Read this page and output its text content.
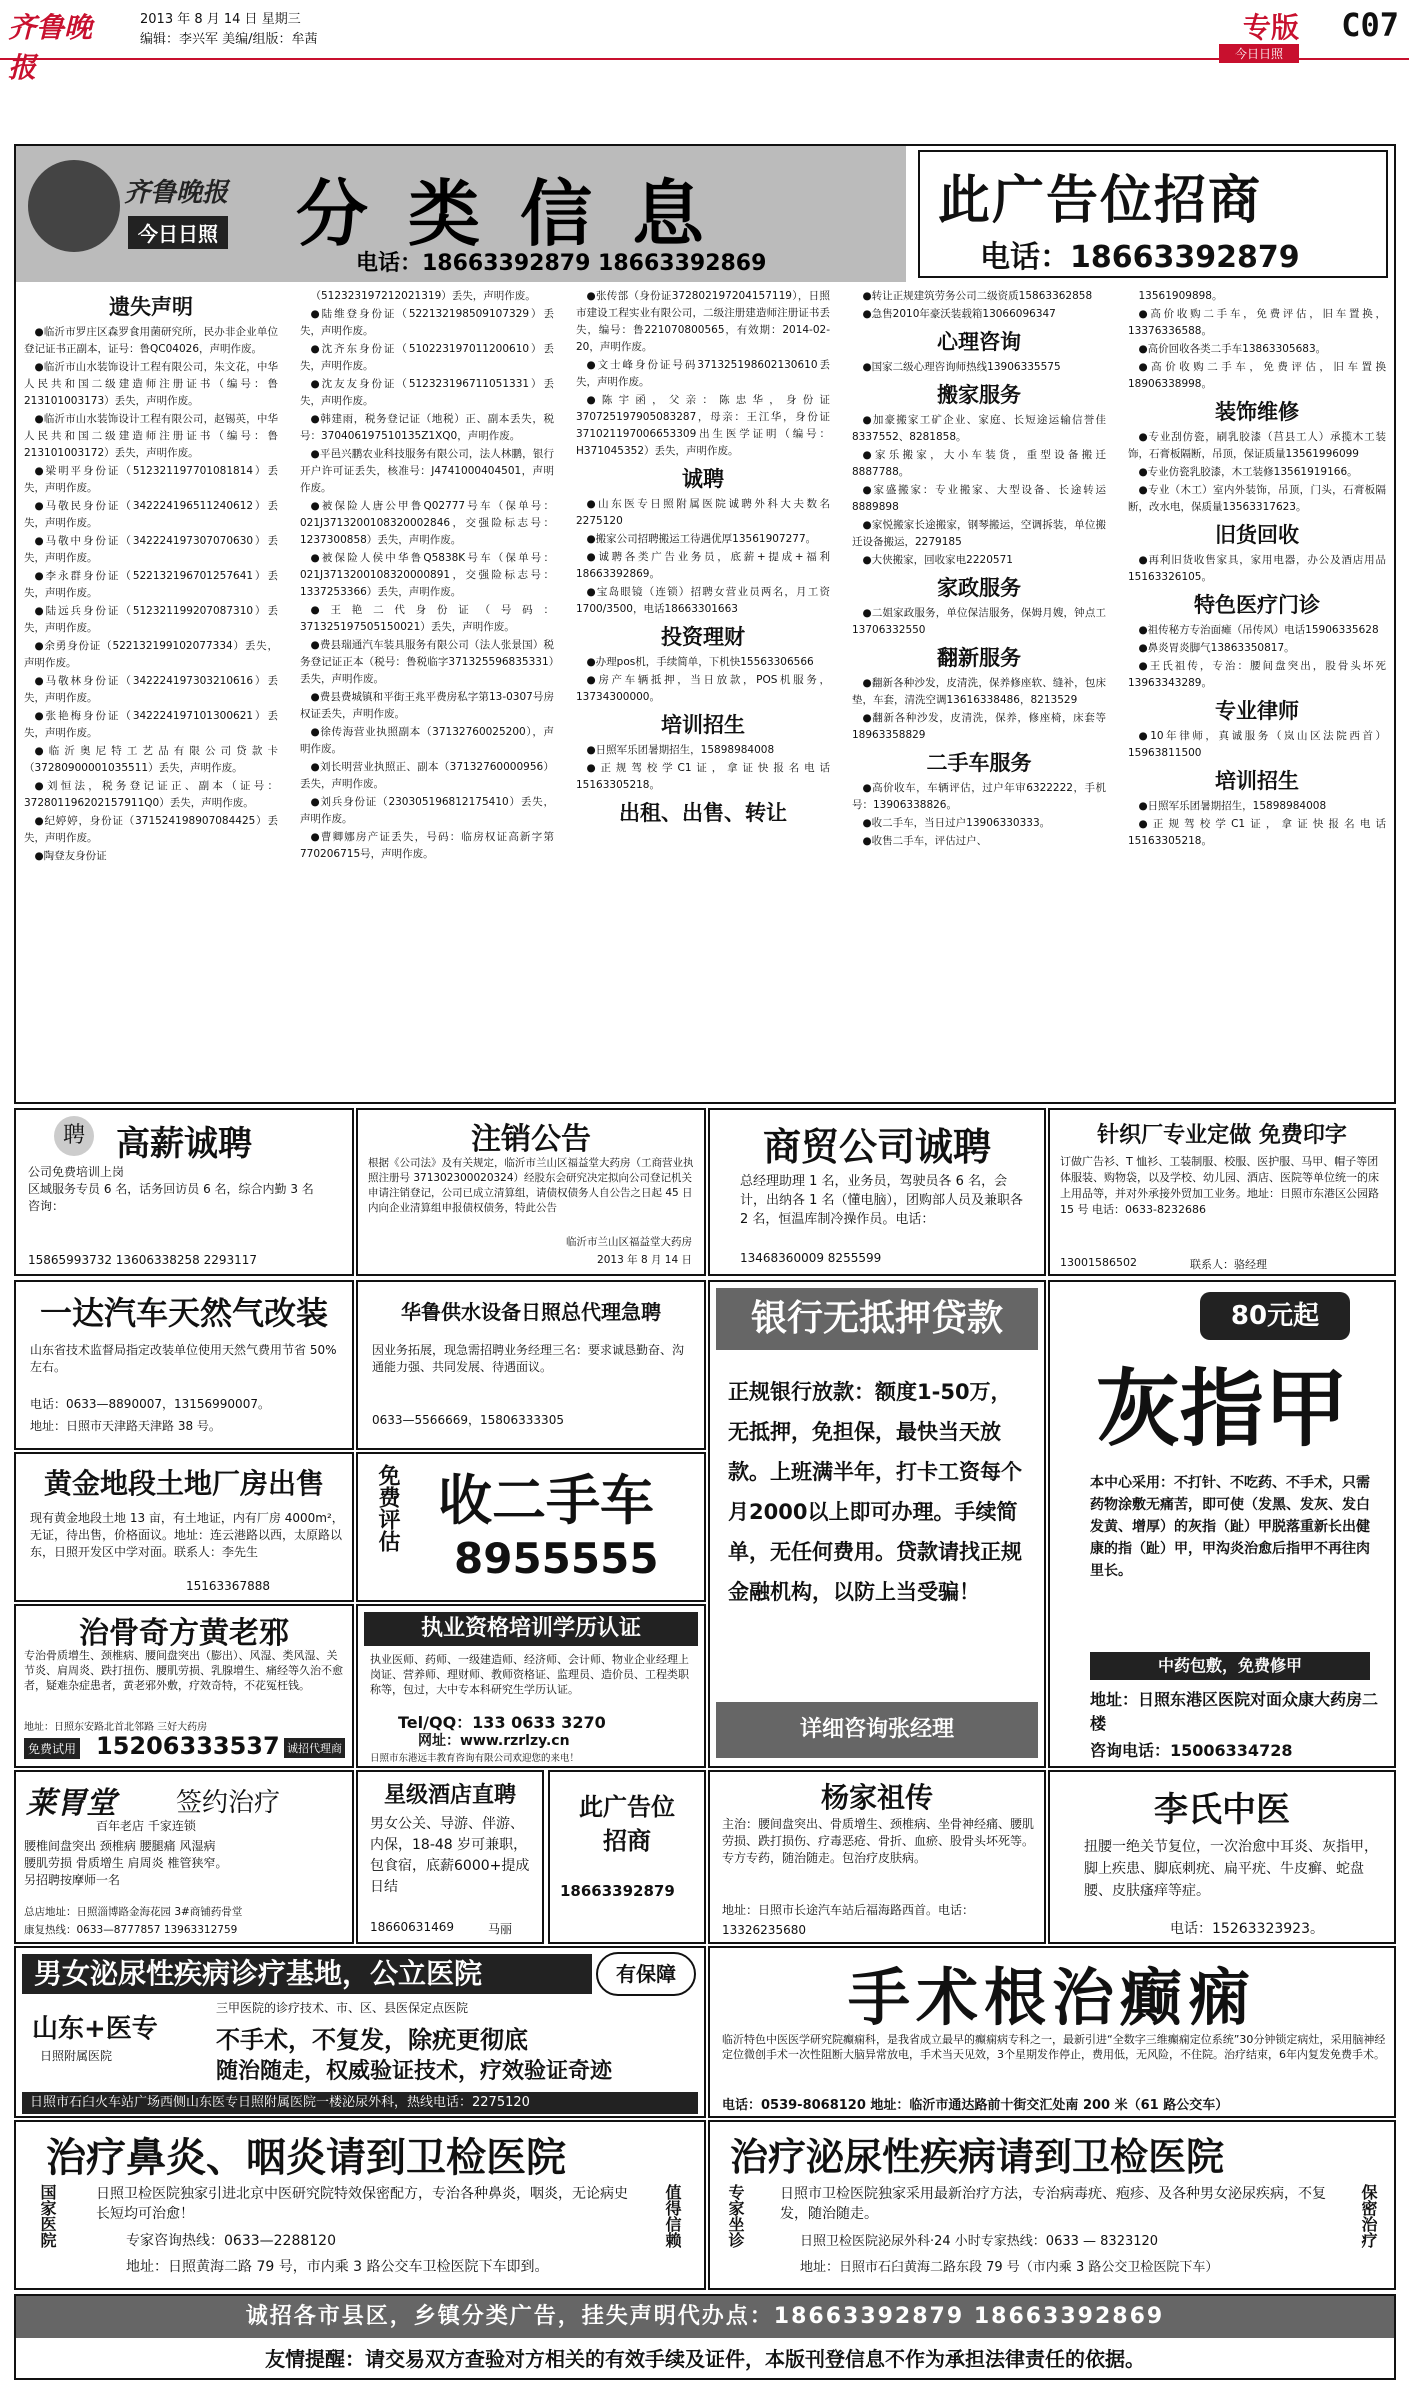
齐鲁晚报
2013 年 8 月 14 日 星期三
编辑：李兴军 美编/组版：牟茜	专版 C07
今日日照
齐鲁晚报
今日日照 分类信息
电话：18663392879 18663392869
此广告位招商
电话：18663392879
遗失声明

●临沂市罗庄区森罗食用菌研究所，民办非企业单位登记证书正副本，证号：鲁QC04026，声明作废。

●临沂市山水装饰设计工程有限公司，朱文花，中华人民共和国二级建造师注册证书（编号：鲁213101003173）丢失，声明作废。

●临沂市山水装饰设计工程有限公司，赵锡英，中华人民共和国二级建造师注册证书（编号：鲁213101003172）丢失，声明作废。

●梁明平身份证（512321197701081814）丢失，声明作废。

●马敬民身份证（342224196511240612）丢失，声明作废。

●马敬中身份证（342224197307070630）丢失，声明作废。

●李永群身份证（522132196701257641）丢失，声明作废。

●陆远兵身份证（512321199207087310）丢失，声明作废。

●余勇身份证（522132199102077334）丢失，声明作废。

●马敬林身份证（342224197303210616）丢失，声明作废。

●张艳梅身份证（342224197101300621）丢失，声明作废。

●临沂奥尼特工艺品有限公司贷款卡（37280900001035511）丢失，声明作废。

●刘恒法，税务登记证正、副本（证号：372801196202157911Q0）丢失，声明作废。

●纪婷婷，身份证（371524198907084425）丢失，声明作废。

●陶登友身份证

（512323197212021319）丢失，声明作废。

●陆维登身份证（522132198509107329）丢失，声明作废。

●沈齐东身份证（510223197011200610）丢失，声明作废。

●沈友友身份证（512323196711051331）丢失，声明作废。

●韩建雨，税务登记证（地税）正、副本丢失，税号：370406197510135Z1XQ0，声明作废。

●平邑兴鹏农业科技服务有限公司，法人林鹏，银行开户许可证丢失，核准号：J4741000404501，声明作废。

●被保险人唐公甲鲁Q02777号车（保单号：021J3713200108320002846，交强险标志号：1237300858）丢失，声明作废。

●被保险人侯中华鲁Q5838K号车（保单号：021J3713200108320000891，交强险标志号：1337253366）丢失，声明作废。

●王艳二代身份证（号码：371325197505150021）丢失，声明作废。

●费县瑞通汽车装具服务有限公司（法人张景国）税务登记证正本（税号：鲁税临字371325596835331）丢失，声明作废。

●费县费城镇和平街王兆平费房私字第13-0307号房权证丢失，声明作废。

●徐传海营业执照副本（37132760025200），声明作废。

●刘长明营业执照正、副本（37132760000956）丢失，声明作废。

●刘兵身份证（230305196812175410）丢失，声明作废。

●曹卿娜房产证丢失，号码：临房权证高新字第770206715号，声明作废。

●张传部（身份证372802197204157119），日照市建设工程实业有限公司，二级注册建造师注册证书丢失，编号：鲁221070800565，有效期：2014-02-20，声明作废。

●文士峰身份证号码371325198602130610丢失，声明作废。

●陈宇函，父亲：陈忠华，身份证370725197905083287，母亲：王江华，身份证371021197006653309出生医学证明（编号：H371045352）丢失，声明作废。

诚聘

●山东医专日照附属医院诚聘外科大夫数名2275120

●搬家公司招聘搬运工待遇优厚13561907277。

●诚聘各类广告业务员，底薪+提成+福利18663392869。

●宝岛眼镜（连锁）招聘女营业员两名，月工资1700/3500，电话18663301663

投资理财

●办理pos机，手续简单，下机快15563306566

●房产车辆抵押，当日放款，POS机服务，13734300000。

培训招生

●日照军乐团暑期招生，15898984008

●正规驾校学C1证，拿证快报名电话15163305218。

出租、出售、转让

●转让正规建筑劳务公司二级资质15863362858

●急售2010年豪沃装载箱13066096347

心理咨询

●国家二级心理咨询师热线13906335575

搬家服务

●加豪搬家工矿企业、家庭、长短途运输信誉佳8337552、8281858。

●家乐搬家，大小车装货，重型设备搬迁8887788。

●家盛搬家：专业搬家、大型设备、长途转运8889898

●家悦搬家长途搬家，钢琴搬运，空调拆装，单位搬迁设备搬运，2279185

●大侠搬家，回收家电2220571

家政服务

●二姐家政服务，单位保洁服务，保姆月嫂，钟点工13706332550

翻新服务

●翻新各种沙发，皮清洗，保养修座软、缝补，包床垫，车套，清洗空调13616338486，8213529

●翻新各种沙发，皮清洗，保养，修座椅，床套等18963358829

二手车服务

●高价收车，车辆评估，过户年审6322222，手机号：13906338826。

●收二手车，当日过户13906330333。

●收售二手车，评估过户、

13561909898。

●高价收购二手车，免费评估，旧车置换，13376336588。

●高价回收各类二手车13863305683。

●高价收购二手车，免费评估，旧车置换18906338998。

装饰维修

●专业刮仿瓷，刷乳胶漆（莒县工人）承揽木工装饰，石膏板隔断，吊顶，保证质量13561996099

●专业仿瓷乳胶漆，木工装修13561919166。

●专业（木工）室内外装饰，吊顶，门头，石膏板隔断，改水电，保质量13563317623。

旧货回收

●再利旧货收售家具，家用电器，办公及酒店用品15163326105。

特色医疗门诊

●祖传秘方专治面瘫（吊传风）电话15906335628

●鼻炎胃炎脚气13863350817。

●王氏祖传，专治：腰间盘突出，股骨头坏死13963343289。

专业律师

●10年律师，真诚服务（岚山区法院西首）15963811500

培训招生

●日照军乐团暑期招生，15898984008

●正规驾校学C1证，拿证快报名电话15163305218。

聘 高薪诚聘
公司免费培训上岗
区域服务专员 6 名，话务回访员 6 名，综合内勤 3 名
咨询：
15865993732 13606338258 2293117
注销公告
根据《公司法》及有关规定，临沂市兰山区福益堂大药房（工商营业执照注册号 371302300020324）经股东会研究决定拟向公司登记机关申请注销登记，公司已成立清算组，请债权债务人自公告之日起 45 日内向企业清算组申报债权债务，特此公告
临沂市兰山区福益堂大药房
2013 年 8 月 14 日
商贸公司诚聘
总经理助理 1 名，业务员，驾驶员各 6 名，会计，出纳各 1 名（懂电脑），团购部人员及兼职各 2 名，恒温库制冷操作员。电话：
13468360009 8255599
针织厂专业定做 免费印字
订做广告衫、T 恤衫、工装制服、校服、医护服、马甲、帽子等团体服装、购物袋，以及学校、幼儿园、酒店、医院等单位统一的床上用品等，并对外承接外贸加工业务。地址：日照市东港区公园路 15 号 电话：0633-8232686
13001586502	联系人：骆经理
一达汽车天然气改装
山东省技术监督局指定改装单位使用天然气费用节省 50% 左右。
电话：0633—8890007，13156990007。
地址：日照市天津路天津路 38 号。
华鲁供水设备日照总代理急聘
因业务拓展，现急需招聘业务经理三名：要求诚恳勤奋、沟通能力强、共同发展、待遇面议。
0633—5566669，15806333305
银行无抵押贷款
正规银行放款：额度1-50万，无抵押，免担保，最快当天放款。上班满半年，打卡工资每个月2000以上即可办理。手续简单，无任何费用。贷款请找正规金融机构，以防上当受骗！
详细咨询张经理
80元起
灰指甲
本中心采用：不打针、不吃药、不手术，只需药物涂敷无痛苦，即可使（发黑、发灰、发白发黄、增厚）的灰指（趾）甲脱落重新长出健康的指（趾）甲，甲沟炎治愈后指甲不再往肉里长。
中药包敷，免费修甲
地址：日照东港区医院对面众康大药房二楼
咨询电话：15006334728
黄金地段土地厂房出售
现有黄金地段土地 13 亩，有土地证，内有厂房 4000m²，无证，待出售，价格面议。地址：连云港路以西，太原路以东，日照开发区中学对面。联系人：李先生
15163367888
免费评估 收二手车
8955555
治骨奇方黄老邪
专治骨质增生、颈椎病、腰间盘突出（膨出）、风湿、类风湿、关节炎、肩周炎、跌打扭伤、腰肌劳损、乳腺增生、痛经等久治不愈者，疑难杂症患者，黄老邪外敷，疗效奇特，不花冤枉钱。
地址：日照东安路北首北邻路 三好大药房
免费试用 15206333537 诚招代理商
执业资格培训学历认证
执业医师、药师、一级建造师、经济师、会计师、物业企业经理上岗证、营养师、理财师、教师资格证、监理员、造价员、工程类职称等，包过，大中专本科研究生学历认证。
Tel/QQ：133 0633 3270
网址：www.rzrlzy.cn
日照市东港远丰教育咨询有限公司欢迎您的来电！
莱胃堂 签约治疗
百年老店 千家连锁
腰椎间盘突出 颈椎病 腰腿痛 风湿病
腰肌劳损 骨质增生 肩周炎 椎管狭窄。
另招聘按摩师一名
总店地址：日照淄博路金海花园 3#商铺药骨堂
康复热线：0633—8777857 13963312759
星级酒店直聘
男女公关、导游、伴游、内保，18-48 岁可兼职，包食宿，底薪6000+提成日结
18660631469	马丽
此广告位招商
18663392879
杨家祖传
主治：腰间盘突出、骨质增生、颈椎病、坐骨神经痛、腰肌劳损、跌打损伤、疗毒恶疮、骨折、血瘀、股骨头坏死等。专方专药，随治随走。包治疗皮肤病。
地址：日照市长途汽车站后福海路西首。电话：
13326235680
李氏中医
扭腰一绝关节复位，一次治愈中耳炎、灰指甲，脚上疾患、脚底刺疣、扁平疣、牛皮癣、蛇盘腰、皮肤瘙痒等症。
电话：15263323923。
男女泌尿性疾病诊疗基地，公立医院	有保障
山东+医专
日照附属医院
三甲医院的诊疗技术、市、区、县医保定点医院
不手术，不复发，除疣更彻底
随治随走，权威验证技术，疗效验证奇迹
日照市石臼火车站广场西侧山东医专日照附属医院一楼泌尿外科，热线电话：2275120
手术根治癫痫
临沂特色中医医学研究院癫痫科，是我省成立最早的癫痫病专科之一，最新引进“全数字三维癫痫定位系统”30分钟锁定病灶，采用脑神经定位微创手术一次性阻断大脑异常放电，手术当天见效，3个星期发作停止，费用低，无风险，不住院。治疗结束，6年内复发免费手术。
电话：0539-8068120 地址：临沂市通达路前十街交汇处南 200 米（61 路公交车）
治疗鼻炎、咽炎请到卫检医院
国家医院	值得信赖
日照卫检医院独家引进北京中医研究院特效保密配方，专治各种鼻炎，咽炎，无论病史长短均可治愈！
专家咨询热线：0633—2288120
地址：日照黄海二路 79 号，市内乘 3 路公交车卫检医院下车即到。
治疗泌尿性疾病请到卫检医院
专家坐诊	保密治疗
日照市卫检医院独家采用最新治疗方法，专治病毒疣、疱疹、及各种男女泌尿疾病，不复发，随治随走。
日照卫检医院泌尿外科·24 小时专家热线：0633 — 8323120
地址：日照市石臼黄海二路东段 79 号（市内乘 3 路公交卫检医院下车）
诚招各市县区，乡镇分类广告，挂失声明代办点：18663392879 18663392869
友情提醒：请交易双方查验对方相关的有效手续及证件，本版刊登信息不作为承担法律责任的依据。
